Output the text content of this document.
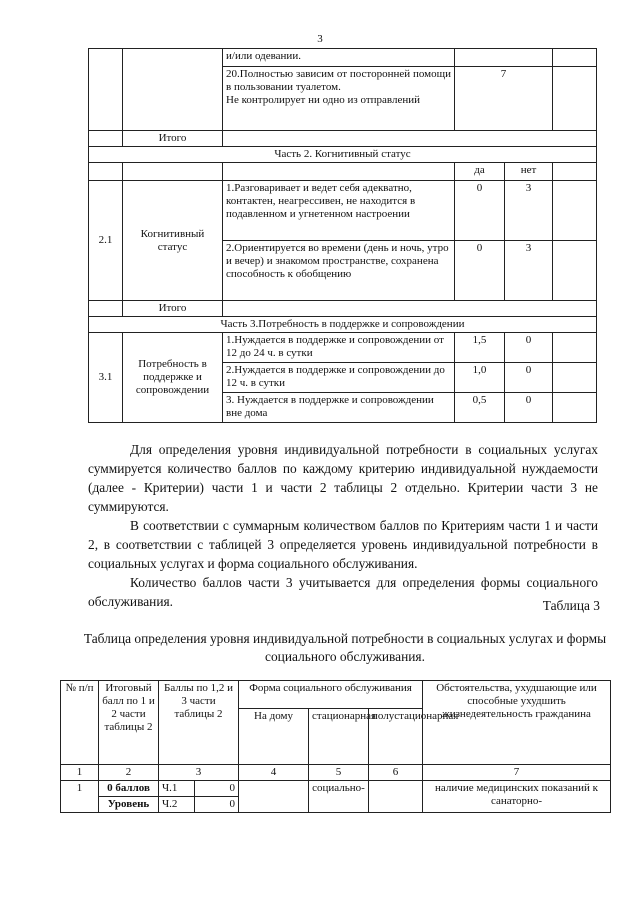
3
		и/или одевании.			

		20.Полностью зависим от посторонней помощи в пользовании туалетом.
Не контролирует ни одно из отправлений	7		
	Итого				
Часть 2. Когнитивный статус					
			да	нет	
2.1	Когнитивный статус	1.Разговаривает и ведет себя адекватно, контактен, неагрессивен, не находится в подавленном и угнетенном настроении	0	3	
		2.Ориентируется во времени (день и ночь, утро и вечер) и знакомом пространстве, сохранена способность к обобщению	0	3	
	Итого				
Часть 3.Потребность в поддержке и сопровождении					
3.1	Потребность в поддержке и сопровождении	1.Нуждается в поддержке и сопровождении от 12 до 24 ч. в сутки	1,5	0	
		2.Нуждается в поддержке и сопровождении до 12 ч. в сутки	1,0	0	
		3. Нуждается в поддержке и сопровождении вне дома	0,5	0	
Для определения уровня индивидуальной потребности в социальных услугах суммируется количество баллов по каждому критерию индивидуальной нуждаемости (далее - Критерии) части 1 и части 2 таблицы 2 отдельно. Критерии части 3 не суммируются.
В соответствии с суммарным количеством баллов по Критериям части 1 и части 2, в соответствии с таблицей 3 определяется уровень индивидуальной потребности в социальных услугах и форма социального обслуживания.
Количество баллов части 3 учитывается для определения формы социального обслуживания.	Таблица 3
Таблица определения уровня индивидуальной потребности в социальных услугах и формы социального обслуживания.
№ п/п	Итоговый балл по 1 и 2 части таблицы 2	Баллы по 1,2 и 3 части таблицы 2		Форма социального обслуживания			Обстоятельства, ухудшающие или способные ухудшить жизнедеятельность гражданина
				На дому	стационарная	полустационарная	
1	2	3		4	5	6	7
1	0 баллов	Ч.1	0		социально-		наличие медицинских показаний к санаторно-
	Уровень	Ч.2	0				
